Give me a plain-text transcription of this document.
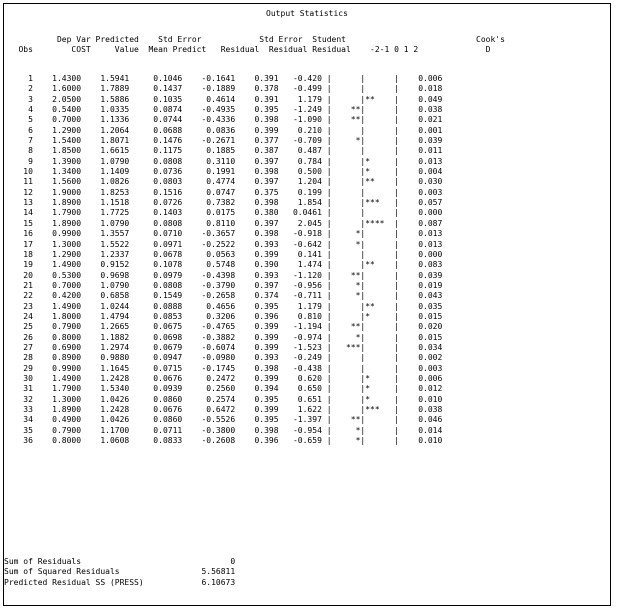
Output Statistics
Dep Var Predicted    Std Error            Std Error  Student                           Cook's
Obs        COST     Value  Mean Predict   Residual  Residual Residual    -2-1 0 1 2              D
1    1.4300    1.5941     0.1046    -0.1641    0.391   -0.420 |      |      |    0.006
2    1.6000    1.7889     0.1437    -0.1889    0.378   -0.499 |      |      |    0.018
3    2.0500    1.5886     0.1035     0.4614    0.391    1.179 |      |**    |    0.049
4    0.5400    1.0335     0.0874    -0.4935    0.395   -1.249 |    **|      |    0.038
5    0.7000    1.1336     0.0744    -0.4336    0.398   -1.090 |    **|      |    0.021
6    1.2900    1.2064     0.0688     0.0836    0.399    0.210 |      |      |    0.001
7    1.5400    1.8071     0.1476    -0.2671    0.377   -0.709 |     *|      |    0.039
8    1.8500    1.6615     0.1175     0.1885    0.387    0.487 |      |      |    0.011
9    1.3900    1.0790     0.0808     0.3110    0.397    0.784 |      |*     |    0.013
10    1.3400    1.1409     0.0736     0.1991    0.398    0.500 |      |*     |    0.004
11    1.5600    1.0826     0.0803     0.4774    0.397    1.204 |      |**    |    0.030
12    1.9000    1.8253     0.1516     0.0747    0.375    0.199 |      |      |    0.003
13    1.8900    1.1518     0.0726     0.7382    0.398    1.854 |      |***   |    0.057
14    1.7900    1.7725     0.1403     0.0175    0.380   0.0461 |      |      |    0.000
15    1.8900    1.0790     0.0808     0.8110    0.397    2.045 |      |****  |    0.087
16    0.9900    1.3557     0.0710    -0.3657    0.398   -0.918 |     *|      |    0.013
17    1.3000    1.5522     0.0971    -0.2522    0.393   -0.642 |     *|      |    0.013
18    1.2900    1.2337     0.0678     0.0563    0.399    0.141 |      |      |    0.000
19    1.4900    0.9152     0.1078     0.5748    0.390    1.474 |      |**    |    0.083
20    0.5300    0.9698     0.0979    -0.4398    0.393   -1.120 |    **|      |    0.039
21    0.7000    1.0790     0.0808    -0.3790    0.397   -0.956 |     *|      |    0.019
22    0.4200    0.6858     0.1549    -0.2658    0.374   -0.711 |     *|      |    0.043
23    1.4900    1.0244     0.0888     0.4656    0.395    1.179 |      |**    |    0.035
24    1.8000    1.4794     0.0853     0.3206    0.396    0.810 |      |*     |    0.015
25    0.7900    1.2665     0.0675    -0.4765    0.399   -1.194 |    **|      |    0.020
26    0.8000    1.1882     0.0698    -0.3882    0.399   -0.974 |     *|      |    0.015
27    0.6900    1.2974     0.0679    -0.6074    0.399   -1.523 |   ***|      |    0.034
28    0.8900    0.9880     0.0947    -0.0980    0.393   -0.249 |      |      |    0.002
29    0.9900    1.1645     0.0715    -0.1745    0.398   -0.438 |      |      |    0.003
30    1.4900    1.2428     0.0676     0.2472    0.399    0.620 |      |*     |    0.006
31    1.7900    1.5340     0.0939     0.2560    0.394    0.650 |      |*     |    0.012
32    1.3000    1.0426     0.0860     0.2574    0.395    0.651 |      |*     |    0.010
33    1.8900    1.2428     0.0676     0.6472    0.399    1.622 |      |***   |    0.038
34    0.4900    1.0426     0.0860    -0.5526    0.395   -1.397 |    **|      |    0.046
35    0.7900    1.1700     0.0711    -0.3800    0.398   -0.954 |     *|      |    0.014
36    0.8000    1.0608     0.0833    -0.2608    0.396   -0.659 |     *|      |    0.010
Sum of Residuals                               0
Sum of Squared Residuals                 5.56811
Predicted Residual SS (PRESS)            6.10673
